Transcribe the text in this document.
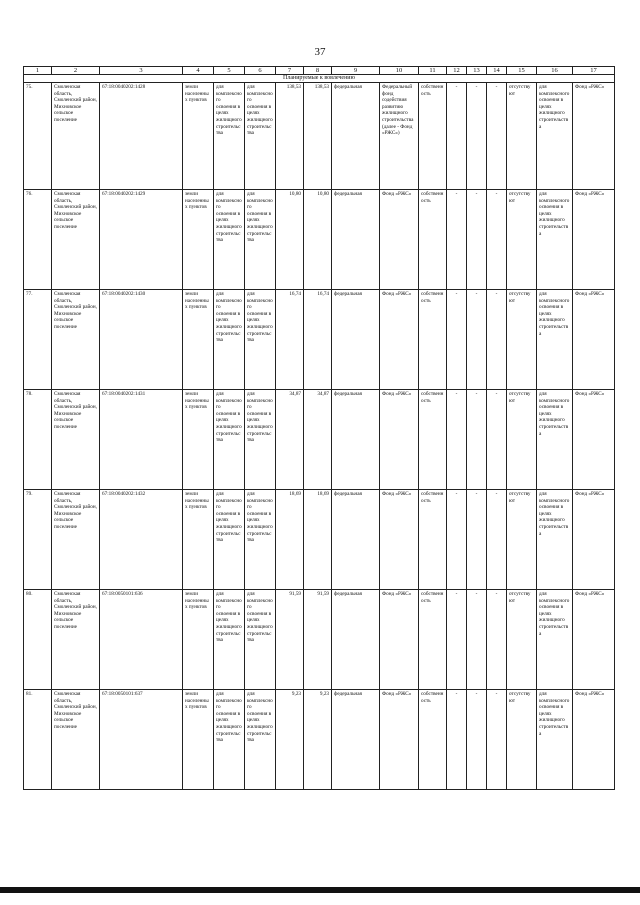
37
1	2	3	4	5	6	7	8	9	10	11	12	13	14	15	16	17
Планируемые к вовлечению																
75.	Смоленская область, Смоленский район, Михновское сельское поселение	67:18:0040202:1428	земли населенных пунктов	для комплексного освоения в целях жилищного строительства	для комплексного освоения в целях жилищного строительства	138,53	138,53	федеральная	Федеральный фонд содействия развитию жилищного строительства (далее - Фонд «РЖС»)	собственность	-	-	-	отсутствуют	для комплексного освоения в целях жилищного строительства	Фонд «РЖС»
76.	Смоленская область, Смоленский район, Михновское сельское поселение	67:18:0040202:1429	земли населенных пунктов	для комплексного освоения в целях жилищного строительства	для комплексного освоения в целях жилищного строительства	10,80	10,80	федеральная	Фонд «РЖС»	собственность	-	-	-	отсутствуют	для комплексного освоения в целях жилищного строительства	Фонд «РЖС»
77.	Смоленская область, Смоленский район, Михновское сельское поселение	67:18:0040202:1430	земли населенных пунктов	для комплексного освоения в целях жилищного строительства	для комплексного освоения в целях жилищного строительства	16,74	16,74	федеральная	Фонд «РЖС»	собственность	-	-	-	отсутствуют	для комплексного освоения в целях жилищного строительства	Фонд «РЖС»
78.	Смоленская область, Смоленский район, Михновское сельское поселение	67:18:0040202:1431	земли населенных пунктов	для комплексного освоения в целях жилищного строительства	для комплексного освоения в целях жилищного строительства	34,87	34,87	федеральная	Фонд «РЖС»	собственность	-	-	-	отсутствуют	для комплексного освоения в целях жилищного строительства	Фонд «РЖС»
79.	Смоленская область, Смоленский район, Михновское сельское поселение	67:18:0040202:1432	земли населенных пунктов	для комплексного освоения в целях жилищного строительства	для комплексного освоения в целях жилищного строительства	18,69	18,69	федеральная	Фонд «РЖС»	собственность	-	-	-	отсутствуют	для комплексного освоения в целях жилищного строительства	Фонд «РЖС»
80.	Смоленская область, Смоленский район, Михновское сельское поселение	67:18:0050101:636	земли населенных пунктов	для комплексного освоения в целях жилищного строительства	для комплексного освоения в целях жилищного строительства	91,59	91,59	федеральная	Фонд «РЖС»	собственность	-	-	-	отсутствуют	для комплексного освоения в целях жилищного строительства	Фонд «РЖС»
81.	Смоленская область, Смоленский район, Михновское сельское поселение	67:18:0050101:637	земли населенных пунктов	для комплексного освоения в целях жилищного строительства	для комплексного освоения в целях жилищного строительства	9,23	9,23	федеральная	Фонд «РЖС»	собственность	-	-	-	отсутствуют	для комплексного освоения в целях жилищного строительства	Фонд «РЖС»
